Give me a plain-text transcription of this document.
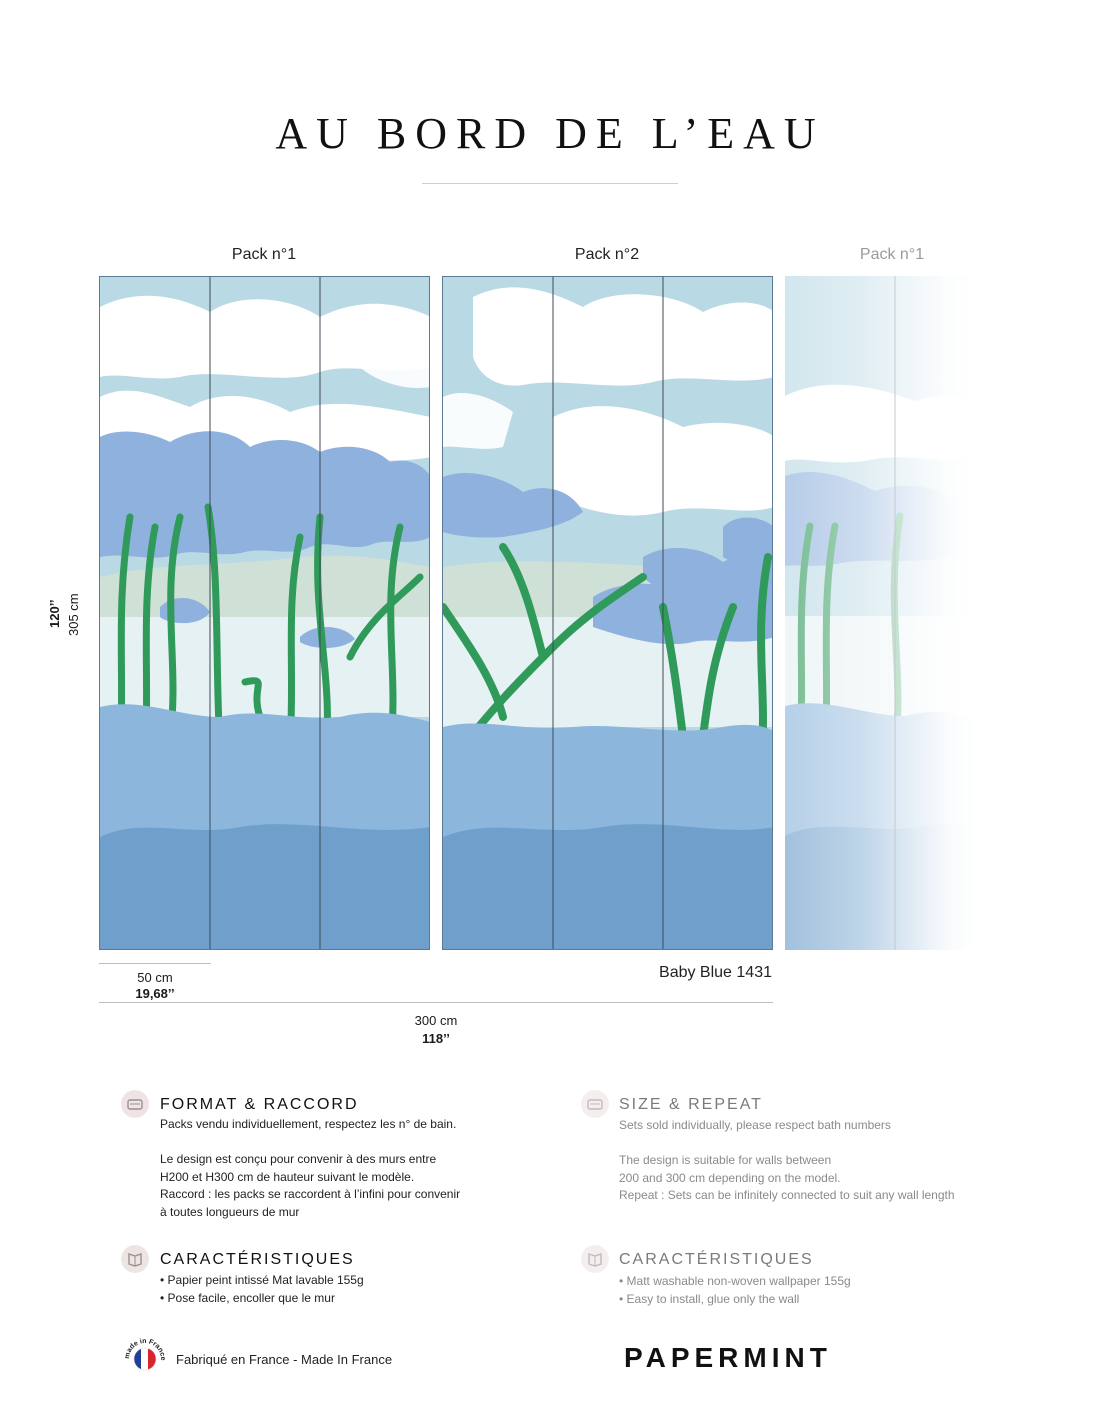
AU BORD DE L’EAU
Pack n°1	Pack n°2	Pack n°1
120’’ 305 cm
50 cm
19,68’’
Baby Blue 1431
300 cm
118’’
FORMAT & RACCORD
Packs vendu individuellement, respectez les n° de bain.
Le design est conçu pour convenir à des murs entre
H200 et H300 cm de hauteur suivant le modèle.
Raccord : les packs se raccordent à l’infini pour convenir
à toutes longueurs de mur
SIZE & REPEAT
Sets sold individually, please respect bath numbers
The design is suitable for walls between
200 and 300 cm depending on the model.
Repeat : Sets can be infinitely connected to suit any wall length
CARACTÉRISTIQUES
• Papier peint intissé Mat lavable 155g
• Pose facile, encoller que le mur
CARACTÉRISTIQUES
• Matt washable non-woven wallpaper 155g
• Easy to install, glue only the wall
made in France Fabriqué en France - Made In France	PAPERMINT
